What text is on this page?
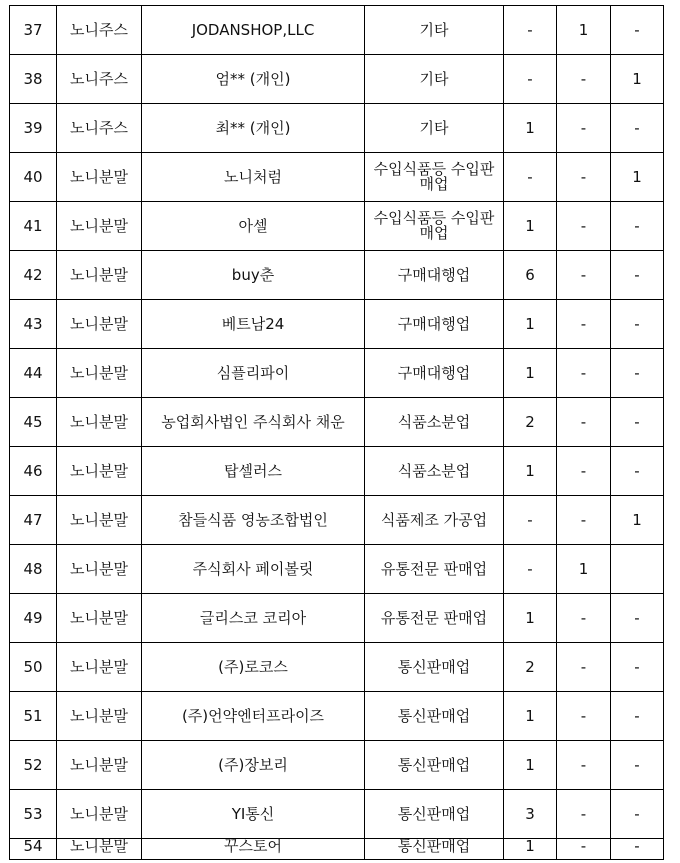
37	노니주스	JODANSHOP,LLC	기타	-	1	-
38	노니주스	엄** (개인)	기타	-	-	1
39	노니주스	최** (개인)	기타	1	-	-
40	노니분말	노니처럼	수입식품등 수입판매업	-	-	1
41	노니분말	아셀	수입식품등 수입판매업	1	-	-
42	노니분말	buy춘	구매대행업	6	-	-
43	노니분말	베트남24	구매대행업	1	-	-
44	노니분말	심플리파이	구매대행업	1	-	-
45	노니분말	농업회사법인 주식회사 채운	식품소분업	2	-	-
46	노니분말	탑셀러스	식품소분업	1	-	-
47	노니분말	참들식품 영농조합법인	식품제조 가공업	-	-	1
48	노니분말	주식회사 페이볼릿	유통전문 판매업	-	1	
49	노니분말	글리스코 코리아	유통전문 판매업	1	-	-
50	노니분말	(주)로코스	통신판매업	2	-	-
51	노니분말	(주)언약엔터프라이즈	통신판매업	1	-	-
52	노니분말	(주)장보리	통신판매업	1	-	-
53	노니분말	YI통신	통신판매업	3	-	-
54	노니분말	꾸스토어	통신판매업	1	-	-
